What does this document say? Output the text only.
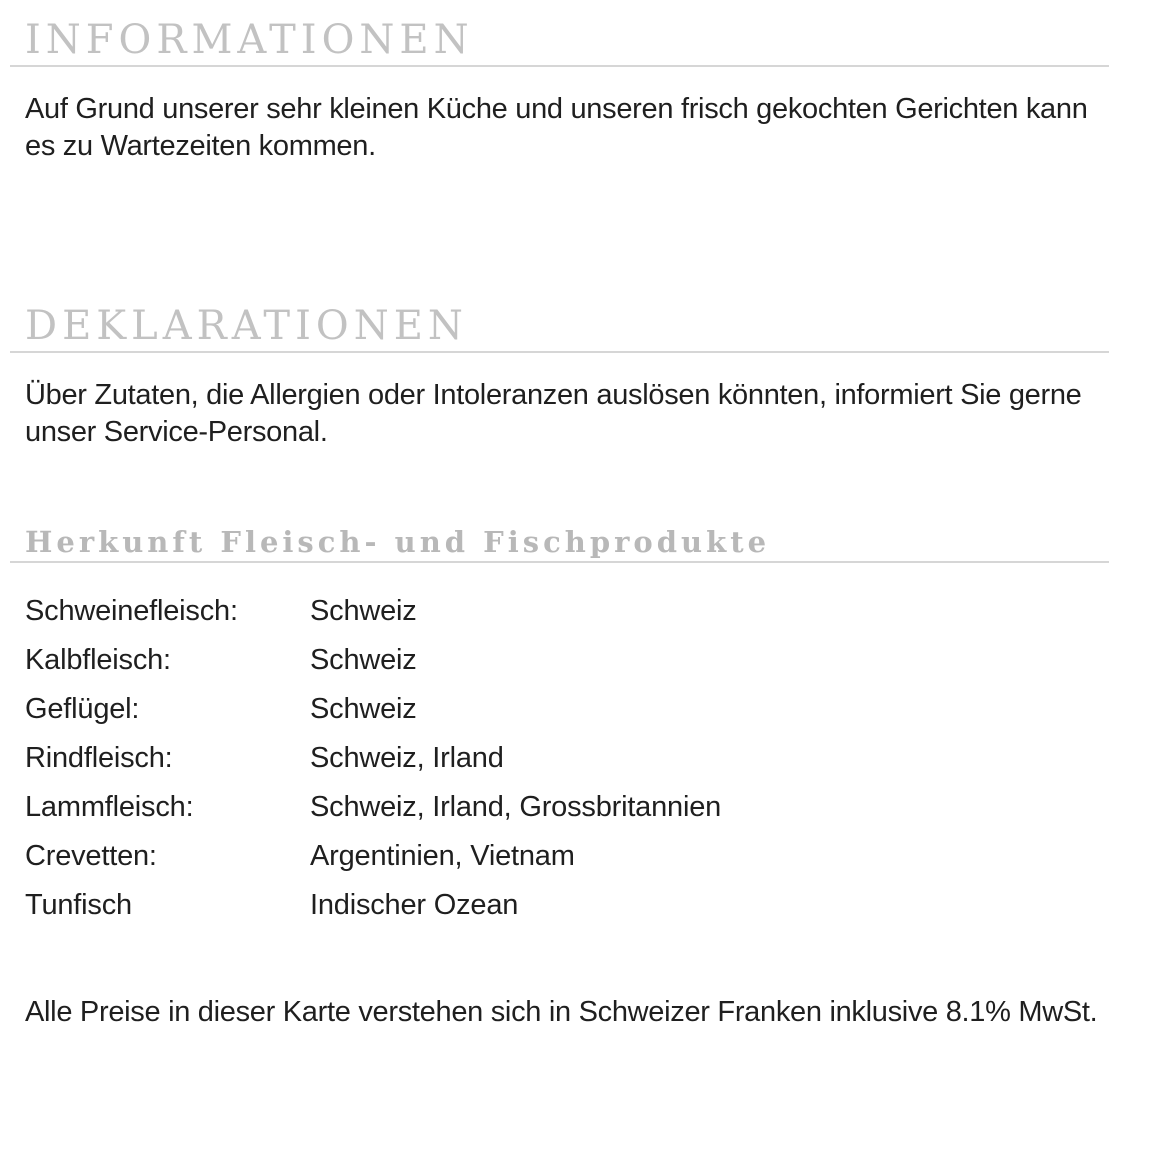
INFORMATIONEN
Auf Grund unserer sehr kleinen Küche und unseren frisch gekochten Gerichten kann es zu Wartezeiten kommen.
DEKLARATIONEN
Über Zutaten, die Allergien oder Intoleranzen auslösen könnten, informiert Sie gerne unser Service-Personal.
Herkunft Fleisch- und Fischprodukte
Schweinefleisch:	Schweiz
Kalbfleisch:	Schweiz
Geflügel:	Schweiz
Rindfleisch:	Schweiz, Irland
Lammfleisch:	Schweiz, Irland, Grossbritannien
Crevetten:	Argentinien, Vietnam
Tunfisch	Indischer Ozean
Alle Preise in dieser Karte verstehen sich in Schweizer Franken inklusive 8.1% MwSt.
